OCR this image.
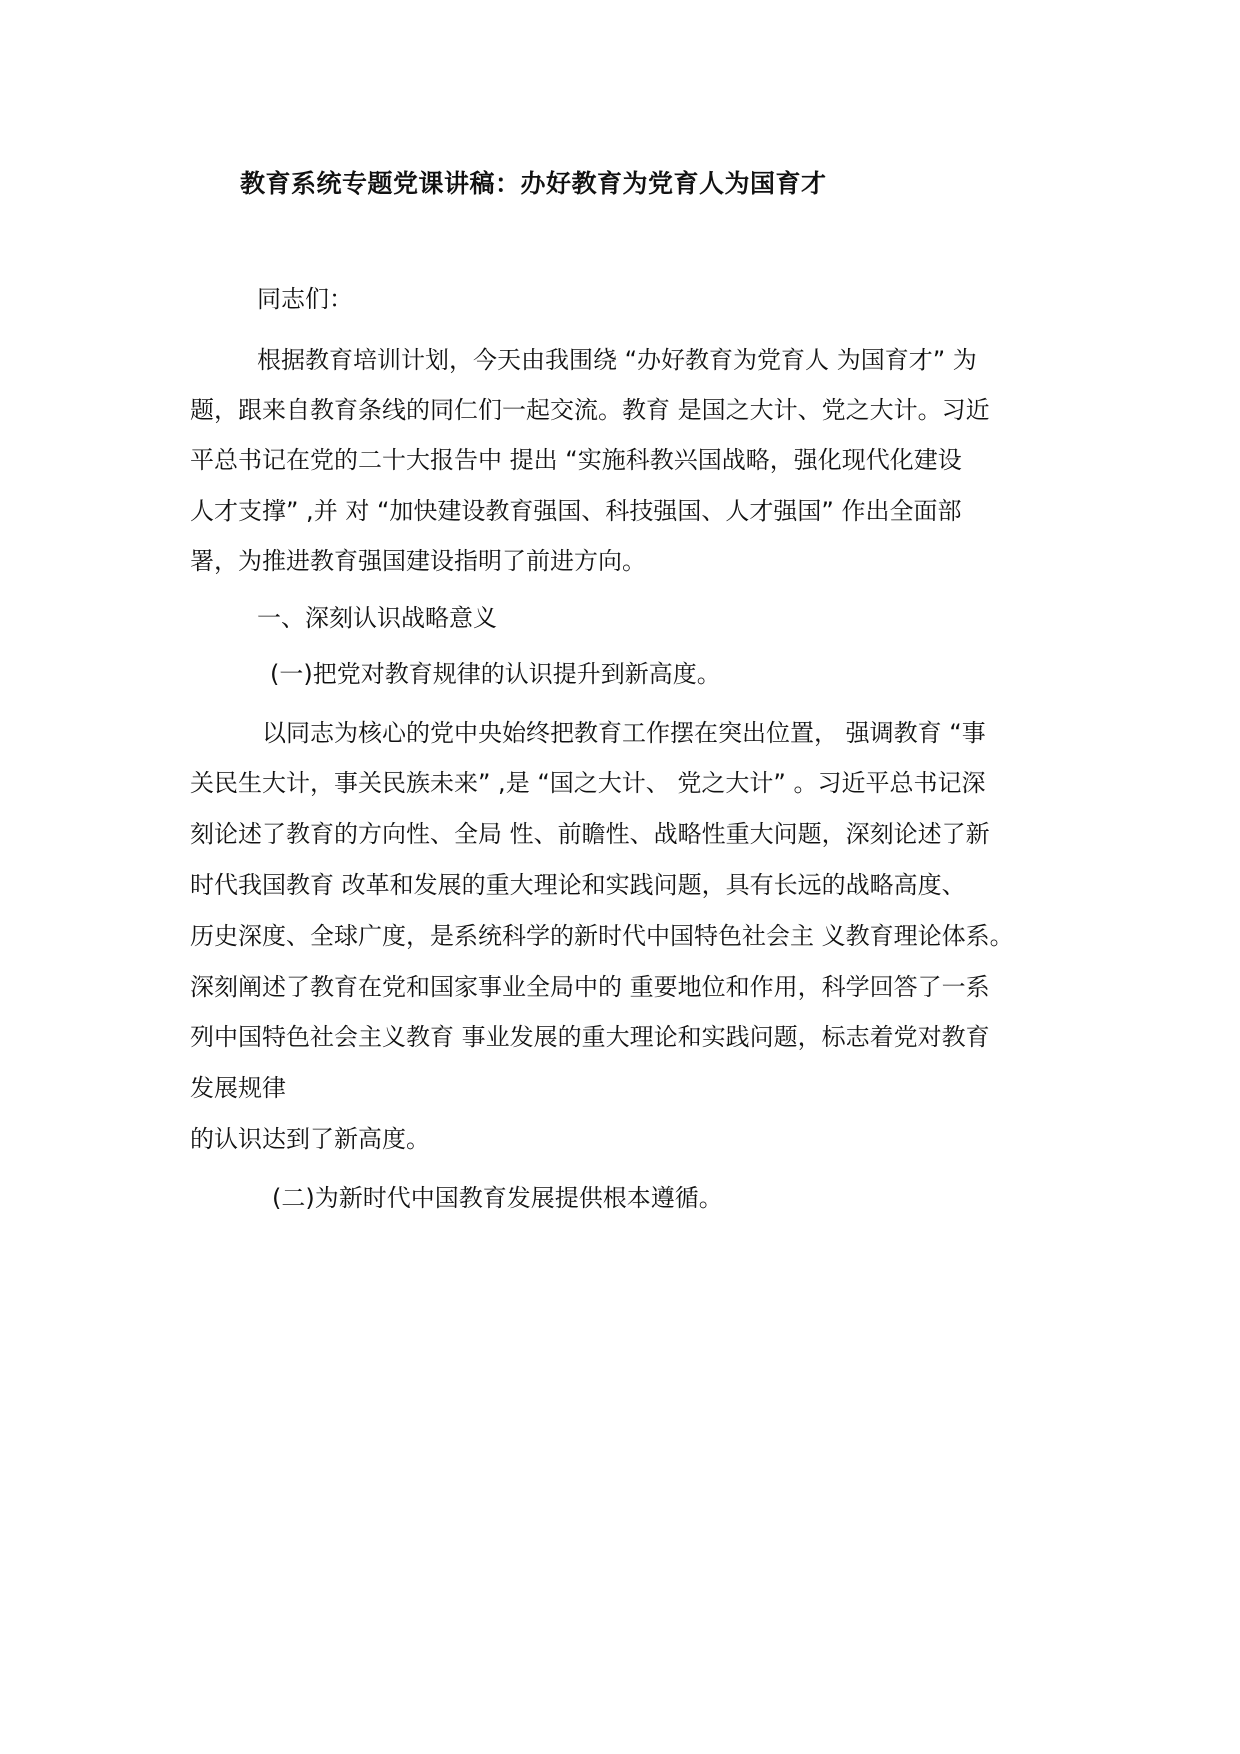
教育系统专题党课讲稿：办好教育为党育人为国育才
同志们：
根据教育培训计划，今天由我围绕 “办好教育为党育人 为国育才” 为
题，跟来自教育条线的同仁们一起交流。教育 是国之大计、党之大计。习近
平总书记在党的二十大报告中 提出 “实施科教兴国战略，强化现代化建设
人才支撑” ,并 对 “加快建设教育强国、科技强国、人才强国” 作出全面部
署，为推进教育强国建设指明了前进方向。
一、深刻认识战略意义
(一)把党对教育规律的认识提升到新高度。
以同志为核心的党中央始终把教育工作摆在突出位置， 强调教育 “事
关民生大计，事关民族未来” ,是 “国之大计、 党之大计” 。习近平总书记深
刻论述了教育的方向性、全局 性、前瞻性、战略性重大问题，深刻论述了新
时代我国教育 改革和发展的重大理论和实践问题，具有长远的战略高度、
历史深度、全球广度，是系统科学的新时代中国特色社会主 义教育理论体系。
深刻阐述了教育在党和国家事业全局中的 重要地位和作用，科学回答了一系
列中国特色社会主义教育 事业发展的重大理论和实践问题，标志着党对教育
发展规律
的认识达到了新高度。
(二)为新时代中国教育发展提供根本遵循。
